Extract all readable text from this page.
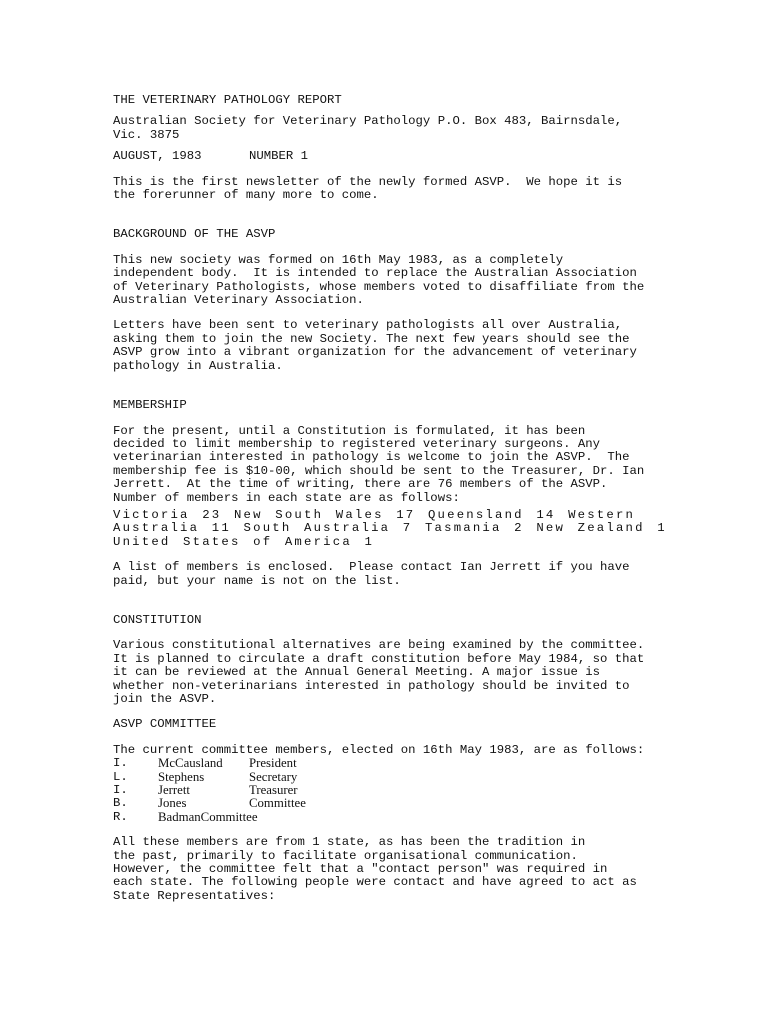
THE VETERINARY PATHOLOGY REPORT

Australian Society for Veterinary Pathology P.O. Box 483, Bairnsdale,
Vic. 3875

AUGUST, 1983	NUMBER 1

This is the first newsletter of the newly formed ASVP.  We hope it is
the forerunner of many more to come.

BACKGROUND OF THE ASVP

This new society was formed on 16th May 1983, as a completely
independent body.  It is intended to replace the Australian Association
of Veterinary Pathologists, whose members voted to disaffiliate from the
Australian Veterinary Association.

Letters have been sent to veterinary pathologists all over Australia,
asking them to join the new Society. The next few years should see the
ASVP grow into a vibrant organization for the advancement of veterinary
pathology in Australia.

MEMBERSHIP

For the present, until a Constitution is formulated, it has been
decided to limit membership to registered veterinary surgeons. Any
veterinarian interested in pathology is welcome to join the ASVP.  The
membership fee is $10-00, which should be sent to the Treasurer, Dr. Ian
Jerrett.  At the time of writing, there are 76 members of the ASVP.
Number of members in each state are as follows:

Victoria 23 New South Wales 17 Queensland 14 Western
Australia 11 South Australia 7 Tasmania 2 New Zealand 1
United States of America 1

A list of members is enclosed.  Please contact Ian Jerrett if you have
paid, but your name is not on the list.

CONSTITUTION

Various constitutional alternatives are being examined by the committee.
It is planned to circulate a draft constitution before May 1984, so that
it can be reviewed at the Annual General Meeting. A major issue is
whether non-veterinarians interested in pathology should be invited to
join the ASVP.

ASVP COMMITTEE

The current committee members, elected on 16th May 1983, are as follows:

I.	McCausland	President
L.	Stephens	Secretary
I.	Jerrett	Treasurer
B.	Jones	Committee
R.	Badman Committee

All these members are from 1 state, as has been the tradition in
the past, primarily to facilitate organisational communication.
However, the committee felt that a "contact person" was required in
each state. The following people were contact and have agreed to act as
State Representatives:
